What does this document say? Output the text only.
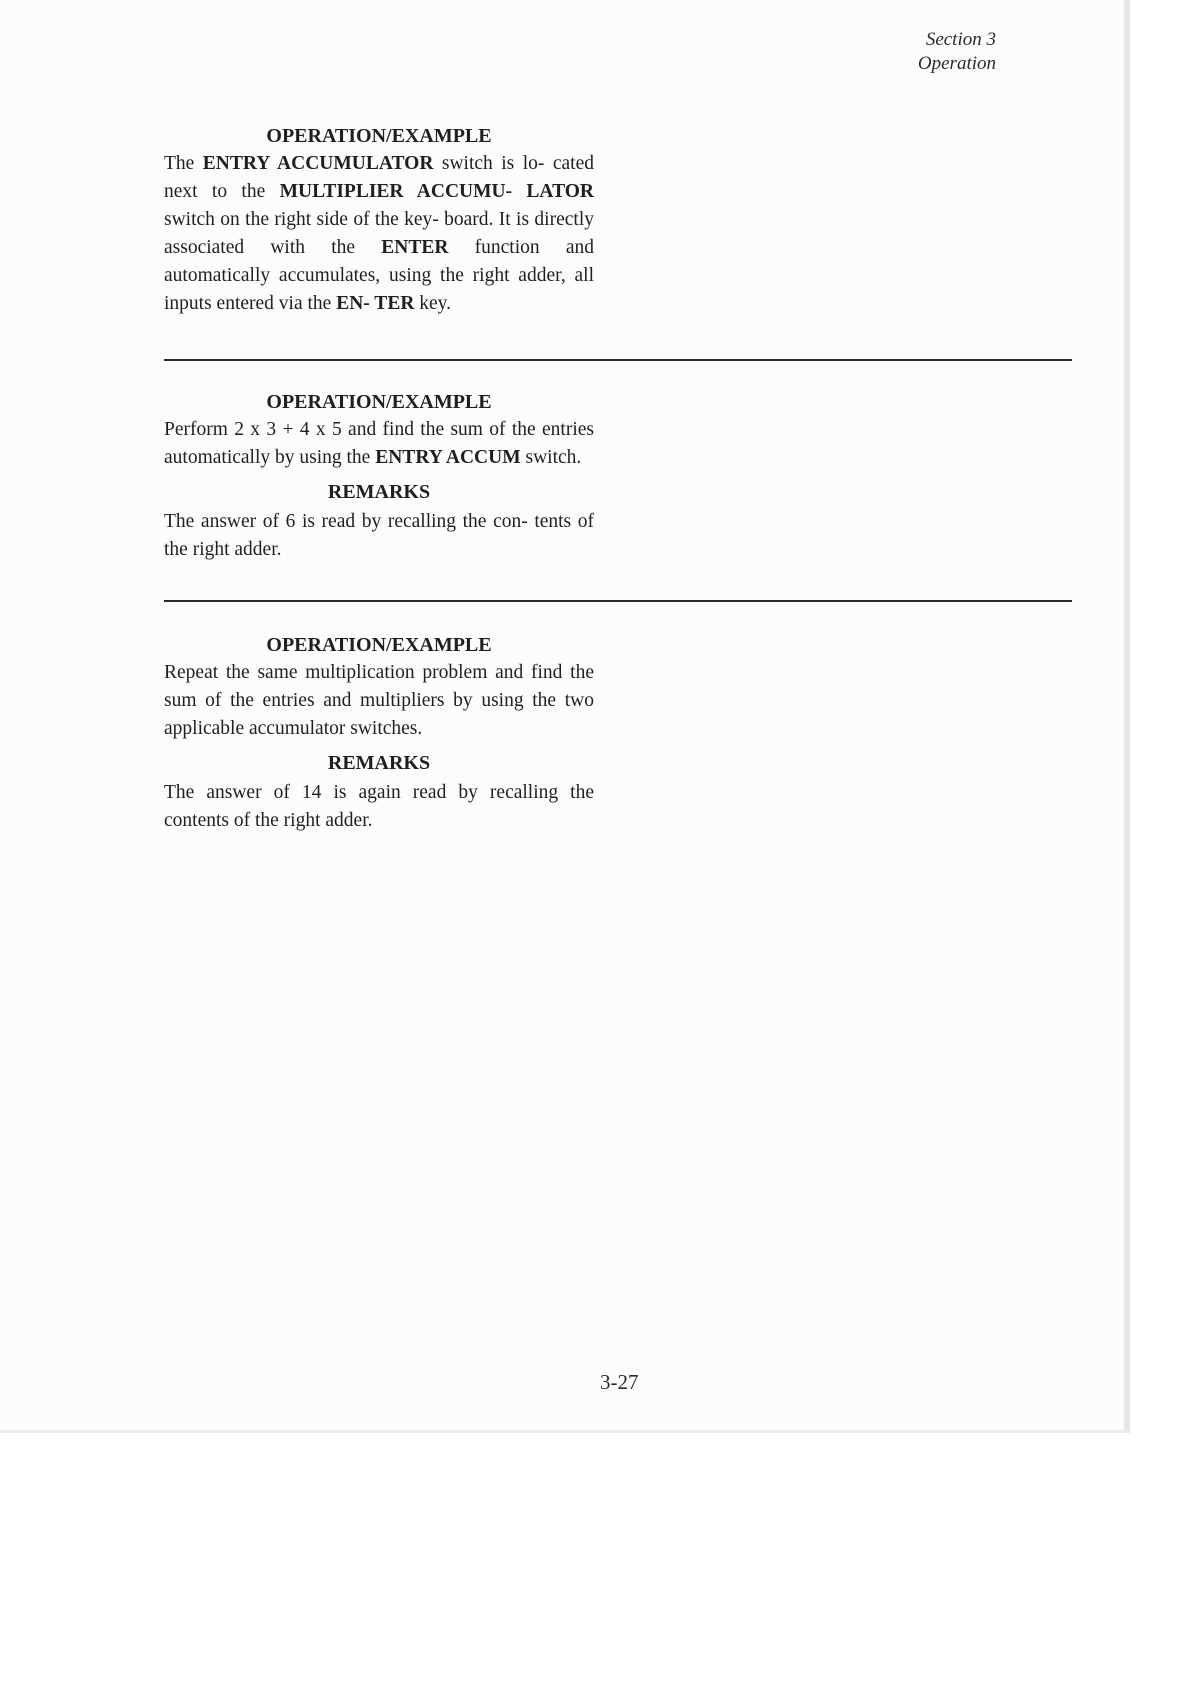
Section 3
Operation

OPERATION/EXAMPLE

The ENTRY ACCUMULATOR switch is lo- cated next to the MULTIPLIER ACCUMU- LATOR switch on the right side of the key- board. It is directly associated with the ENTER function and automatically accumulates, using the right adder, all inputs entered via the EN- TER key.

OPERATION/EXAMPLE

Perform 2 x 3 + 4 x 5 and find the sum of the entries automatically by using the ENTRY ACCUM switch.

REMARKS

The answer of 6 is read by recalling the con- tents of the right adder.

OPERATION/EXAMPLE

Repeat the same multiplication problem and find the sum of the entries and multipliers by using the two applicable accumulator switches.

REMARKS

The answer of 14 is again read by recalling the contents of the right adder.

3-27
